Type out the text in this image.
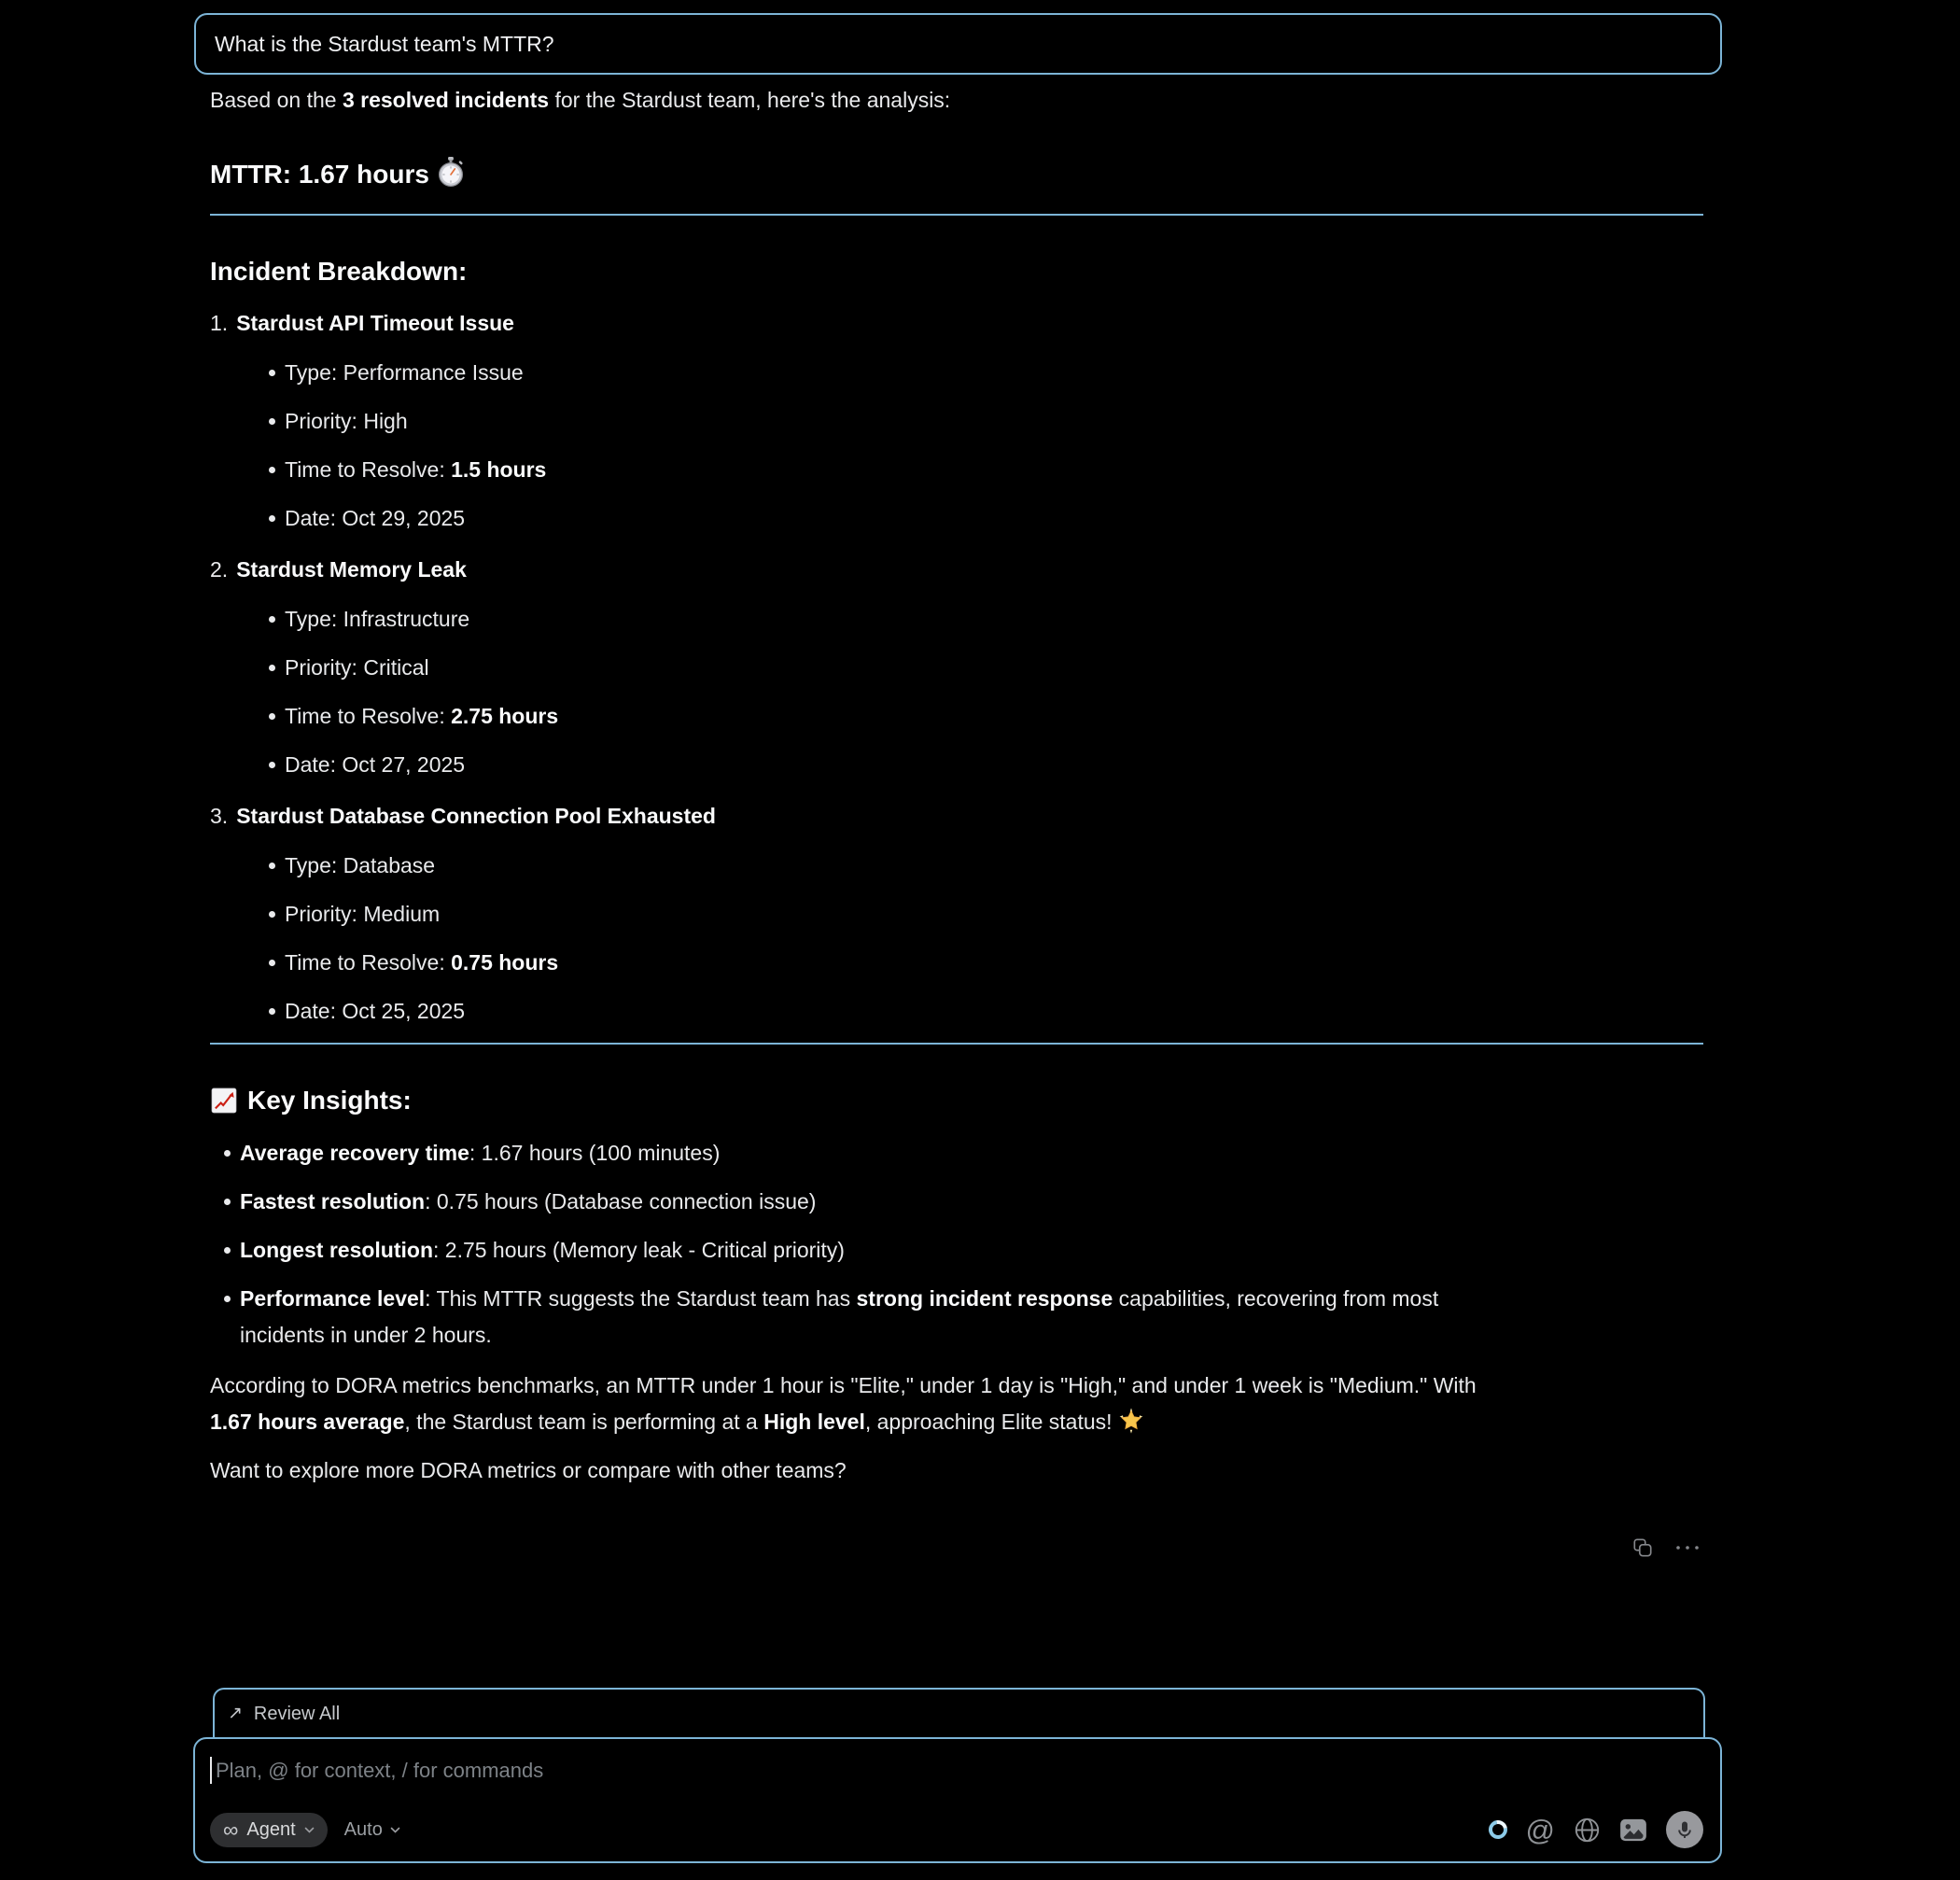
What is the Stardust team's MTTR?

Based on the 3 resolved incidents for the Stardust team, here's the analysis:

MTTR: 1.67 hours
Incident Breakdown:
1. Stardust API Timeout Issue
Type: Performance Issue
Priority: High
Time to Resolve: 1.5 hours
Date: Oct 29, 2025
2. Stardust Memory Leak
Type: Infrastructure
Priority: Critical
Time to Resolve: 2.75 hours
Date: Oct 27, 2025
3. Stardust Database Connection Pool Exhausted
Type: Database
Priority: Medium
Time to Resolve: 0.75 hours
Date: Oct 25, 2025
Key Insights:
Average recovery time: 1.67 hours (100 minutes)
Fastest resolution: 0.75 hours (Database connection issue)
Longest resolution: 2.75 hours (Memory leak - Critical priority)
Performance level: This MTTR suggests the Stardust team has strong incident response capabilities, recovering from most
incidents in under 2 hours.

According to DORA metrics benchmarks, an MTTR under 1 hour is "Elite," under 1 day is "High," and under 1 week is "Medium." With
1.67 hours average, the Stardust team is performing at a High level, approaching Elite status!

Want to explore more DORA metrics or compare with other teams?

↗ Review All
Plan, @ for context, / for commands
∞ Agent	Auto	@
